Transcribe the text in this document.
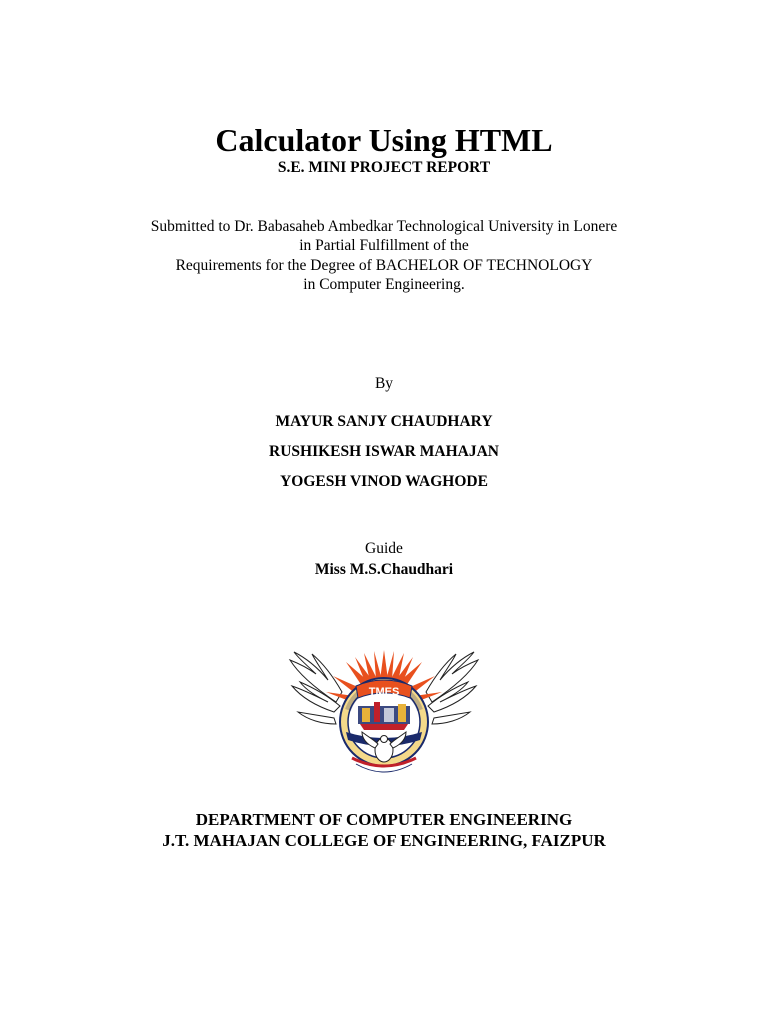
Calculator Using HTML
S.E. MINI PROJECT REPORT
Submitted to Dr. Babasaheb Ambedkar Technological University in Lonere
in Partial Fulfillment of the
Requirements for the Degree of BACHELOR OF TECHNOLOGY
in Computer Engineering.
By
MAYUR SANJY CHAUDHARY
RUSHIKESH ISWAR MAHAJAN
YOGESH VINOD WAGHODE
Guide
Miss M.S.Chaudhari
TMES
DEPARTMENT OF COMPUTER ENGINEERING
J.T. MAHAJAN COLLEGE OF ENGINEERING, FAIZPUR
